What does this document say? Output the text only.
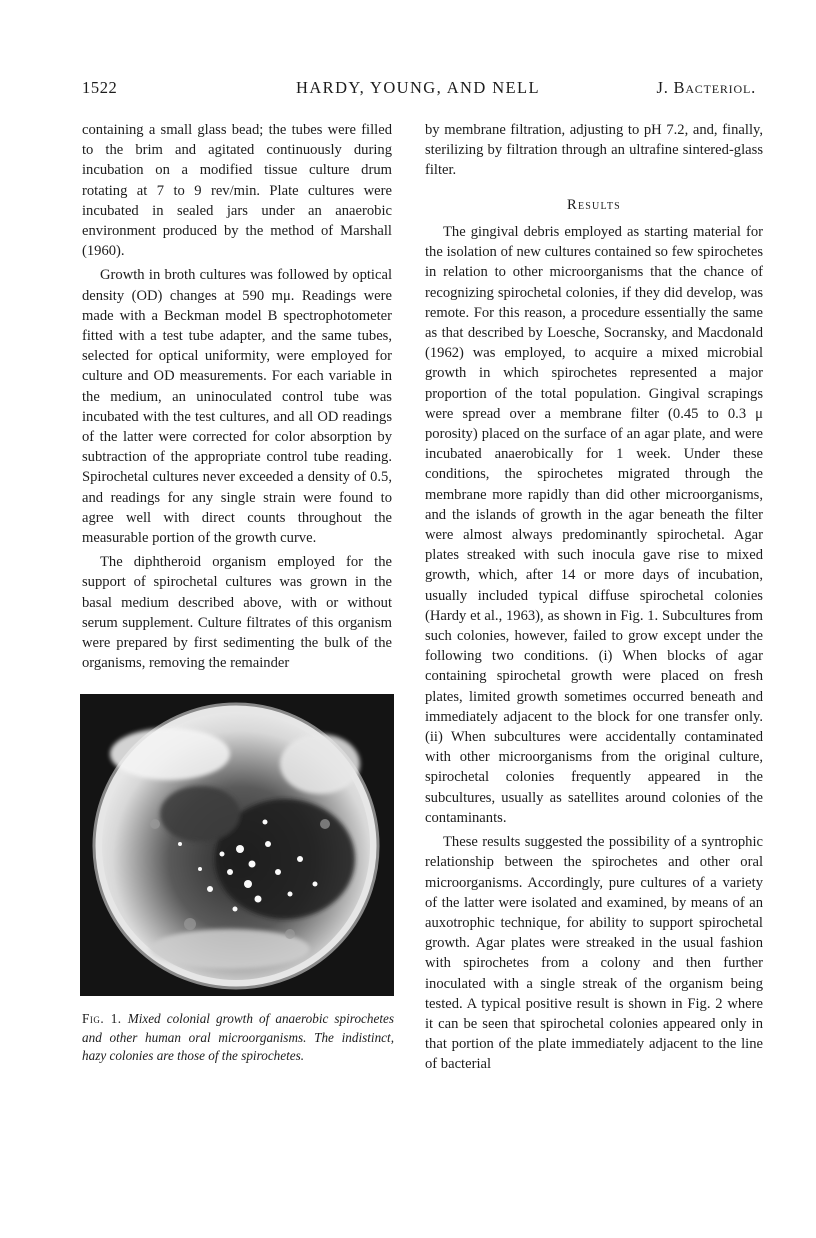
1522	HARDY, YOUNG, AND NELL	J. Bacteriol.

containing a small glass bead; the tubes were filled to the brim and agitated continuously during incubation on a modified tissue culture drum rotating at 7 to 9 rev/min. Plate cultures were incubated in sealed jars under an anaerobic environment produced by the method of Marshall (1960).

Growth in broth cultures was followed by optical density (OD) changes at 590 mμ. Readings were made with a Beckman model B spectrophotometer fitted with a test tube adapter, and the same tubes, selected for optical uniformity, were employed for culture and OD measurements. For each variable in the medium, an uninoculated control tube was incubated with the test cultures, and all OD readings of the latter were corrected for color absorption by subtraction of the appropriate control tube reading. Spirochetal cultures never exceeded a density of 0.5, and readings for any single strain were found to agree well with direct counts throughout the measurable portion of the growth curve.

The diphtheroid organism employed for the support of spirochetal cultures was grown in the basal medium described above, with or without serum supplement. Culture filtrates of this organism were prepared by first sedimenting the bulk of the organisms, removing the remainder

Fig. 1. Mixed colonial growth of anaerobic spirochetes and other human oral microorganisms. The indistinct, hazy colonies are those of the spirochetes.

by membrane filtration, adjusting to pH 7.2, and, finally, sterilizing by filtration through an ultrafine sintered-glass filter.

Results

The gingival debris employed as starting material for the isolation of new cultures contained so few spirochetes in relation to other microorganisms that the chance of recognizing spirochetal colonies, if they did develop, was remote. For this reason, a procedure essentially the same as that described by Loesche, Socransky, and Macdonald (1962) was employed, to acquire a mixed microbial growth in which spirochetes represented a major proportion of the total population. Gingival scrapings were spread over a membrane filter (0.45 to 0.3 μ porosity) placed on the surface of an agar plate, and were incubated anaerobically for 1 week. Under these conditions, the spirochetes migrated through the membrane more rapidly than did other microorganisms, and the islands of growth in the agar beneath the filter were almost always predominantly spirochetal. Agar plates streaked with such inocula gave rise to mixed growth, which, after 14 or more days of incubation, usually included typical diffuse spirochetal colonies (Hardy et al., 1963), as shown in Fig. 1. Subcultures from such colonies, however, failed to grow except under the following two conditions. (i) When blocks of agar containing spirochetal growth were placed on fresh plates, limited growth sometimes occurred beneath and immediately adjacent to the block for one transfer only. (ii) When subcultures were accidentally contaminated with other microorganisms from the original culture, spirochetal colonies frequently appeared in the subcultures, usually as satellites around colonies of the contaminants.

These results suggested the possibility of a syntrophic relationship between the spirochetes and other oral microorganisms. Accordingly, pure cultures of a variety of the latter were isolated and examined, by means of an auxotrophic technique, for ability to support spirochetal growth. Agar plates were streaked in the usual fashion with spirochetes from a colony and then further inoculated with a single streak of the organism being tested. A typical positive result is shown in Fig. 2 where it can be seen that spirochetal colonies appeared only in that portion of the plate immediately adjacent to the line of bacterial
